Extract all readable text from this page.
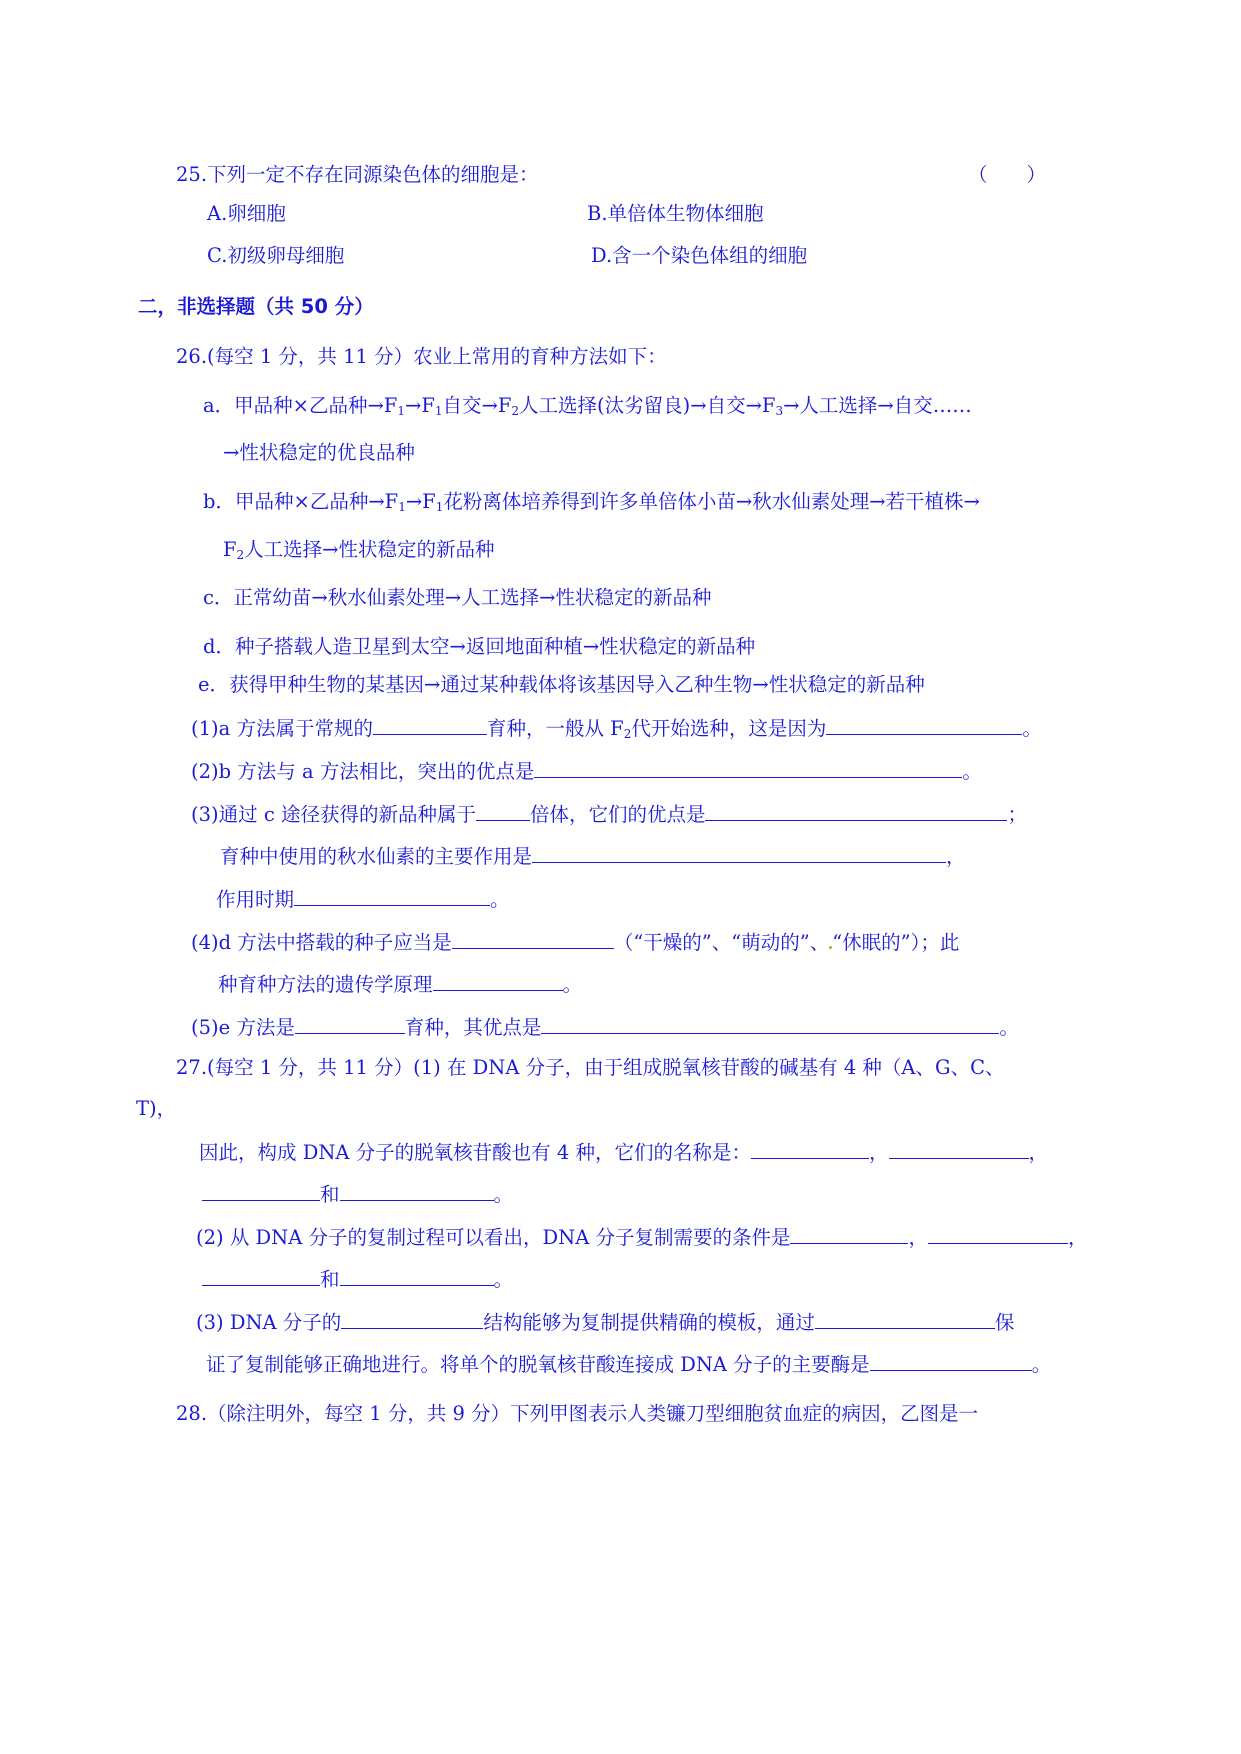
25.下列一定不存在同源染色体的细胞是：	（　　）
A.卵细胞	B.单倍体生物体细胞
C.初级卵母细胞	D.含一个染色体组的细胞
二，非选择题（共 50 分）
26.(每空 1 分，共 11 分）农业上常用的育种方法如下：
a．甲品种×乙品种$\to F_1\to F_1$自交$\to F_2$人工选择(汰劣留良)→自交$\to F_3\to$人工选择→自交……
→性状稳定的优良品种
b．甲品种×乙品种$\to F_1\to F_1$花粉离体培养得到许多单倍体小苗→秋水仙素处理→若干植株→
$F_2$人工选择→性状稳定的新品种
c．正常幼苗→秋水仙素处理→人工选择→性状稳定的新品种
d．种子搭载人造卫星到太空→返回地面种植→性状稳定的新品种
e．获得甲种生物的某基因→通过某种载体将该基因导入乙种生物→性状稳定的新品种
(1)a 方法属于常规的	育种，一般从 $F_2$代开始选种，这是因为	。
(2)b 方法与 a 方法相比，突出的优点是	。
(3)通过 c 途径获得的新品种属于	倍体，它们的优点是	；
育种中使用的秋水仙素的主要作用是	，
作用时期	。
(4)d 方法中搭载的种子应当是	（“干燥的”、“萌动的”、 “休眠的”）；此
种育种方法的遗传学原理	。
(5)e 方法是	育种，其优点是	。
27.(每空 1 分，共 11 分）(1) 在 DNA 分子，由于组成脱氧核苷酸的碱基有 4 种（A、G、C、
T)，
因此，构成 DNA 分子的脱氧核苷酸也有 4 种，它们的名称是：	，	，
和	。
(2) 从 DNA 分子的复制过程可以看出，DNA 分子复制需要的条件是	，	，
和	。
(3) DNA 分子的	结构能够为复制提供精确的模板，通过	保
证了复制能够正确地进行。将单个的脱氧核苷酸连接成 DNA 分子的主要酶是	。
28.（除注明外，每空 1 分，共 9 分）下列甲图表示人类镰刀型细胞贫血症的病因，乙图是一
